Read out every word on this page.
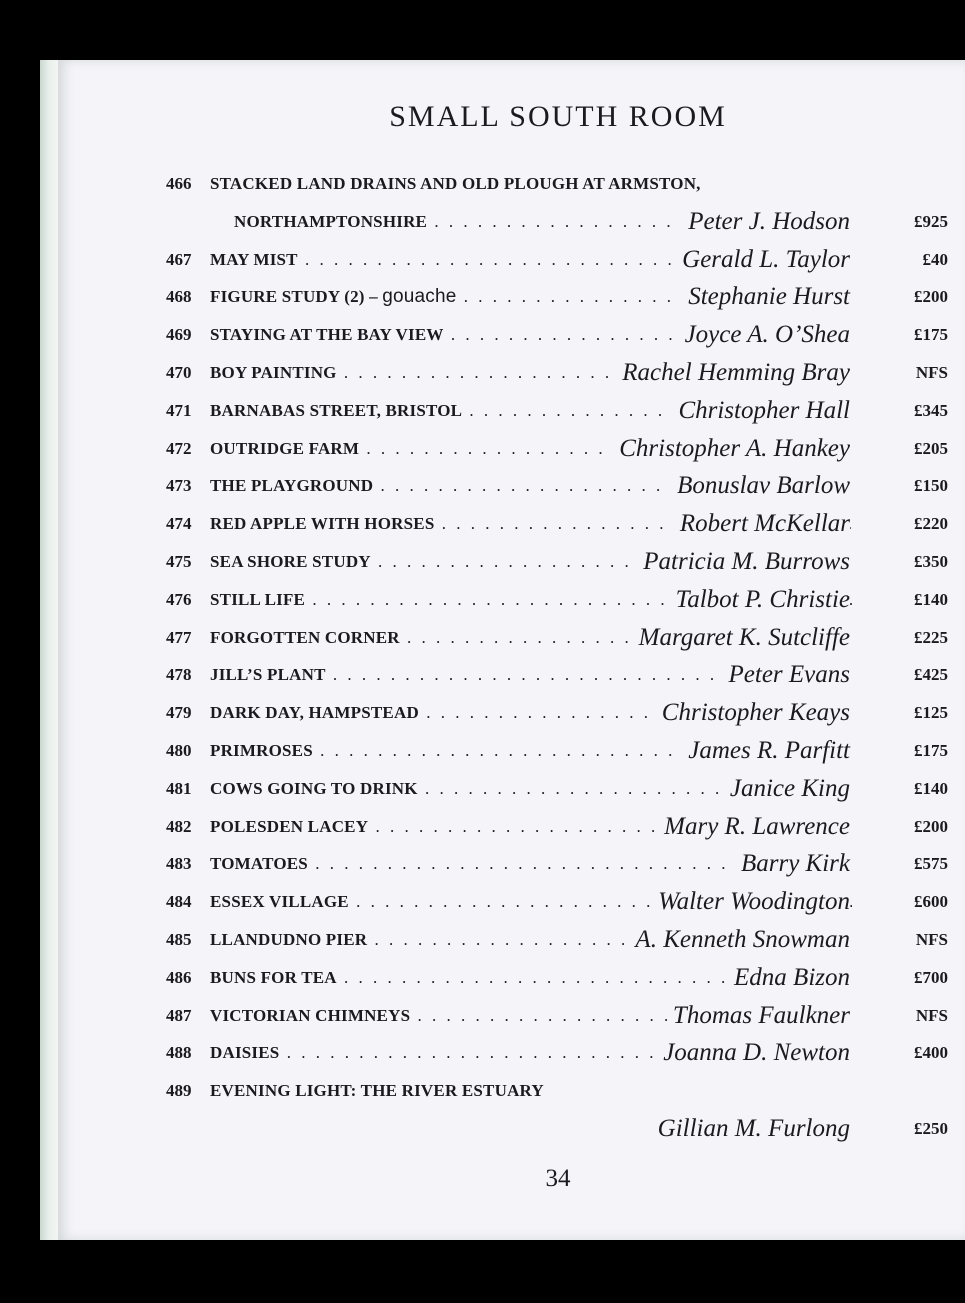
SMALL SOUTH ROOM
466	STACKED LAND DRAINS AND OLD PLOUGH AT ARMSTON,
NORTHAMPTONSHIRE . . .	Peter J. Hodson	£925
467	MAY MIST . . .	Gerald L. Taylor	£40
468	FIGURE STUDY (2) – gouache . . .	Stephanie Hurst	£200
469	STAYING AT THE BAY VIEW . . .	Joyce A. O’Shea	£175
470	BOY PAINTING . . .	Rachel Hemming Bray	NFS
471	BARNABAS STREET, BRISTOL . . .	Christopher Hall	£345
472	OUTRIDGE FARM . . .	Christopher A. Hankey	£205
473	THE PLAYGROUND . . .	Bonuslav Barlow	£150
474	RED APPLE WITH HORSES . . .	Robert McKellar	£220
475	SEA SHORE STUDY . . .	Patricia M. Burrows	£350
476	STILL LIFE . . .	Talbot P. Christie	£140
477	FORGOTTEN CORNER . . .	Margaret K. Sutcliffe	£225
478	JILL’S PLANT . . .	Peter Evans	£425
479	DARK DAY, HAMPSTEAD . . .	Christopher Keays	£125
480	PRIMROSES . . .	James R. Parfitt	£175
481	COWS GOING TO DRINK . . .	Janice King	£140
482	POLESDEN LACEY . . .	Mary R. Lawrence	£200
483	TOMATOES . . .	Barry Kirk	£575
484	ESSEX VILLAGE . . .	Walter Woodington	£600
485	LLANDUDNO PIER . . .	A. Kenneth Snowman	NFS
486	BUNS FOR TEA . . .	Edna Bizon	£700
487	VICTORIAN CHIMNEYS . . .	Thomas Faulkner	NFS
488	DAISIES . . .	Joanna D. Newton	£400
489	EVENING LIGHT: THE RIVER ESTUARY
Gillian M. Furlong	£250
34
